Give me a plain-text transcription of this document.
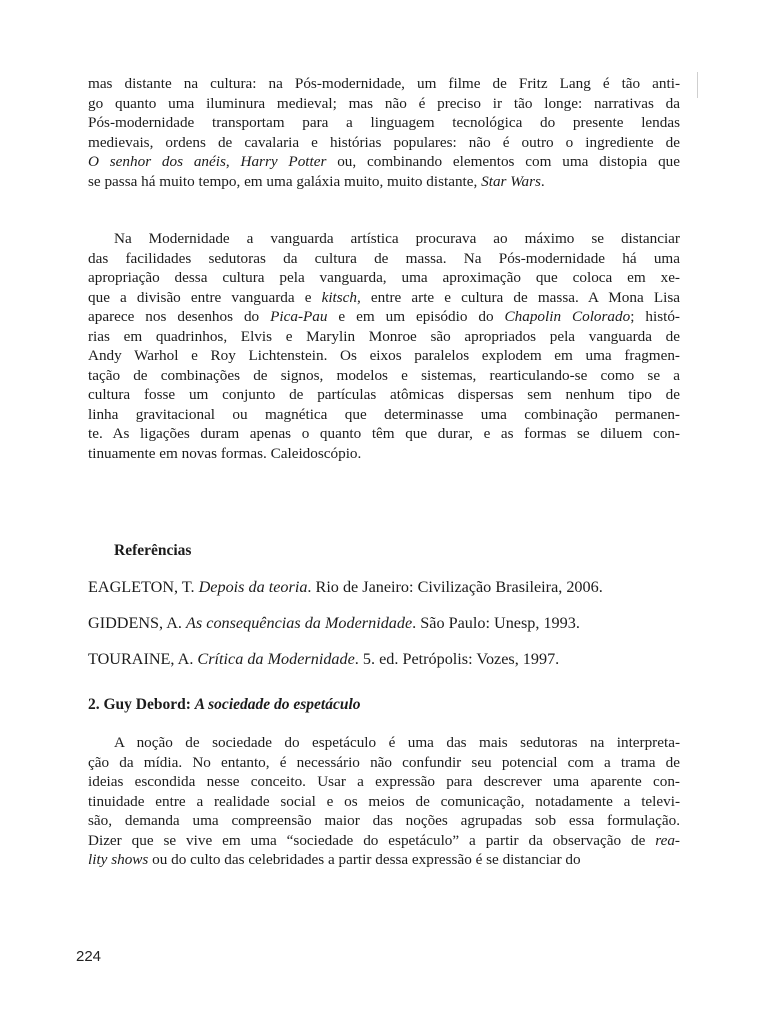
mas distante na cultura: na Pós-modernidade, um filme de Fritz Lang é tão anti-
go quanto uma iluminura medieval; mas não é preciso ir tão longe: narrativas da
Pós-modernidade transportam para a linguagem tecnológica do presente lendas
medievais, ordens de cavalaria e histórias populares: não é outro o ingrediente de
O senhor dos anéis, Harry Potter ou, combinando elementos com uma distopia que
se passa há muito tempo, em uma galáxia muito, muito distante, Star Wars.
Na Modernidade a vanguarda artística procurava ao máximo se distanciar
das facilidades sedutoras da cultura de massa. Na Pós-modernidade há uma
apropriação dessa cultura pela vanguarda, uma aproximação que coloca em xe-
que a divisão entre vanguarda e kitsch, entre arte e cultura de massa. A Mona Lisa
aparece nos desenhos do Pica-Pau e em um episódio do Chapolin Colorado; histó-
rias em quadrinhos, Elvis e Marylin Monroe são apropriados pela vanguarda de
Andy Warhol e Roy Lichtenstein. Os eixos paralelos explodem em uma fragmen-
tação de combinações de signos, modelos e sistemas, rearticulando-se como se a
cultura fosse um conjunto de partículas atômicas dispersas sem nenhum tipo de
linha gravitacional ou magnética que determinasse uma combinação permanen-
te. As ligações duram apenas o quanto têm que durar, e as formas se diluem con-
tinuamente em novas formas. Caleidoscópio.
Referências
EAGLETON, T. Depois da teoria. Rio de Janeiro: Civilização Brasileira, 2006.
GIDDENS, A. As consequências da Modernidade. São Paulo: Unesp, 1993.
TOURAINE, A. Crítica da Modernidade. 5. ed. Petrópolis: Vozes, 1997.
2. Guy Debord: A sociedade do espetáculo
A noção de sociedade do espetáculo é uma das mais sedutoras na interpreta-
ção da mídia. No entanto, é necessário não confundir seu potencial com a trama de
ideias escondida nesse conceito. Usar a expressão para descrever uma aparente con-
tinuidade entre a realidade social e os meios de comunicação, notadamente a televi-
são, demanda uma compreensão maior das noções agrupadas sob essa formulação.
Dizer que se vive em uma “sociedade do espetáculo” a partir da observação de rea-
lity shows ou do culto das celebridades a partir dessa expressão é se distanciar do
224
